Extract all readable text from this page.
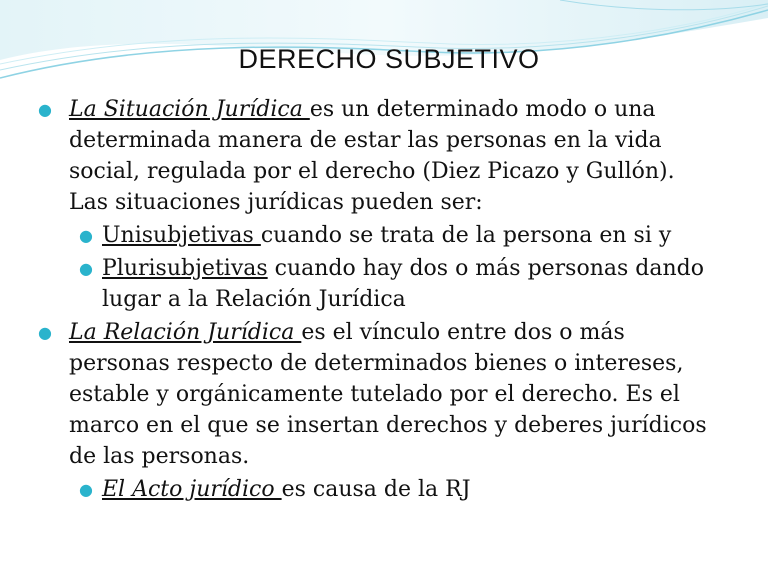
DERECHO SUBJETIVO
● La Situación Jurídica es un determinado modo o una determinada manera de estar las personas en la vida social, regulada por el derecho (Diez Picazo y Gullón). Las situaciones jurídicas pueden ser:
● Unisubjetivas cuando se trata de la persona en si y
● Plurisubjetivas cuando hay dos o más personas dando lugar a la Relación Jurídica
● La Relación Jurídica es el vínculo entre dos o más personas respecto de determinados bienes o intereses, estable y orgánicamente tutelado por el derecho. Es el marco en el que se insertan derechos y deberes jurídicos de las personas.
● El Acto jurídico es causa de la RJ
